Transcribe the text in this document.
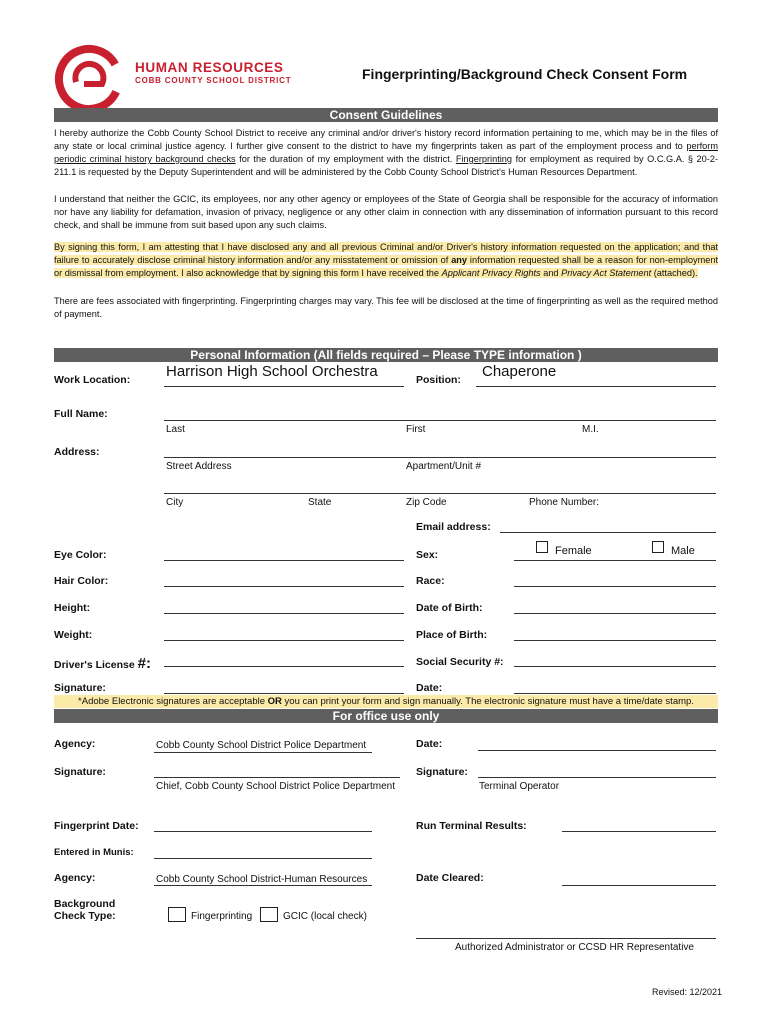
HUMAN RESOURCES
COBB COUNTY SCHOOL DISTRICT	Fingerprinting/Background Check Consent Form
Consent Guidelines
I hereby authorize the Cobb County School District to receive any criminal and/or driver's history record information pertaining to me, which may be in the files of any state or local criminal justice agency. I further give consent to the district to have my fingerprints taken as part of the employment process and to perform periodic criminal history background checks for the duration of my employment with the district. Fingerprinting for employment as required by O.C.G.A. § 20-2-211.1 is requested by the Deputy Superintendent and will be administered by the Cobb County School District's Human Resources Department.
I understand that neither the GCIC, its employees, nor any other agency or employees of the State of Georgia shall be responsible for the accuracy of information nor have any liability for defamation, invasion of privacy, negligence or any other claim in connection with any dissemination of information pursuant to this record check, and shall be immune from suit based upon any such claims.
By signing this form, I am attesting that I have disclosed any and all previous Criminal and/or Driver's history information requested on the application; and that failure to accurately disclose criminal history information and/or any misstatement or omission of any information requested shall be a reason for non-employment or dismissal from employment. I also acknowledge that by signing this form I have received the Applicant Privacy Rights and Privacy Act Statement (attached).
There are fees associated with fingerprinting. Fingerprinting charges may vary. This fee will be disclosed at the time of fingerprinting as well as the required method of payment.
Personal Information (All fields required – Please TYPE information )
Work Location: Harrison High School Orchestra	Position: Chaperone
Full Name:
Last	First	M.I.
Address:
Street Address	Apartment/Unit #
City	State	Zip Code	Phone Number:
Email address:
Eye Color:	Sex:	Female	Male
Hair Color:	Race:
Height:	Date of Birth:
Weight:	Place of Birth:
Driver's License #:	Social Security #:
Signature:	Date:
*Adobe Electronic signatures are acceptable OR you can print your form and sign manually. The electronic signature must have a time/date stamp.
For office use only
Agency:	Cobb County School District Police Department	Date:
Signature:
Chief, Cobb County School District Police Department
Signature:
Terminal Operator
Fingerprint Date:	Run Terminal Results:
Entered in Munis:
Agency:	Cobb County School District-Human Resources	Date Cleared:
Background
Check Type:	Fingerprinting	GCIC (local check)
Authorized Administrator or CCSD HR Representative
Revised: 12/2021
